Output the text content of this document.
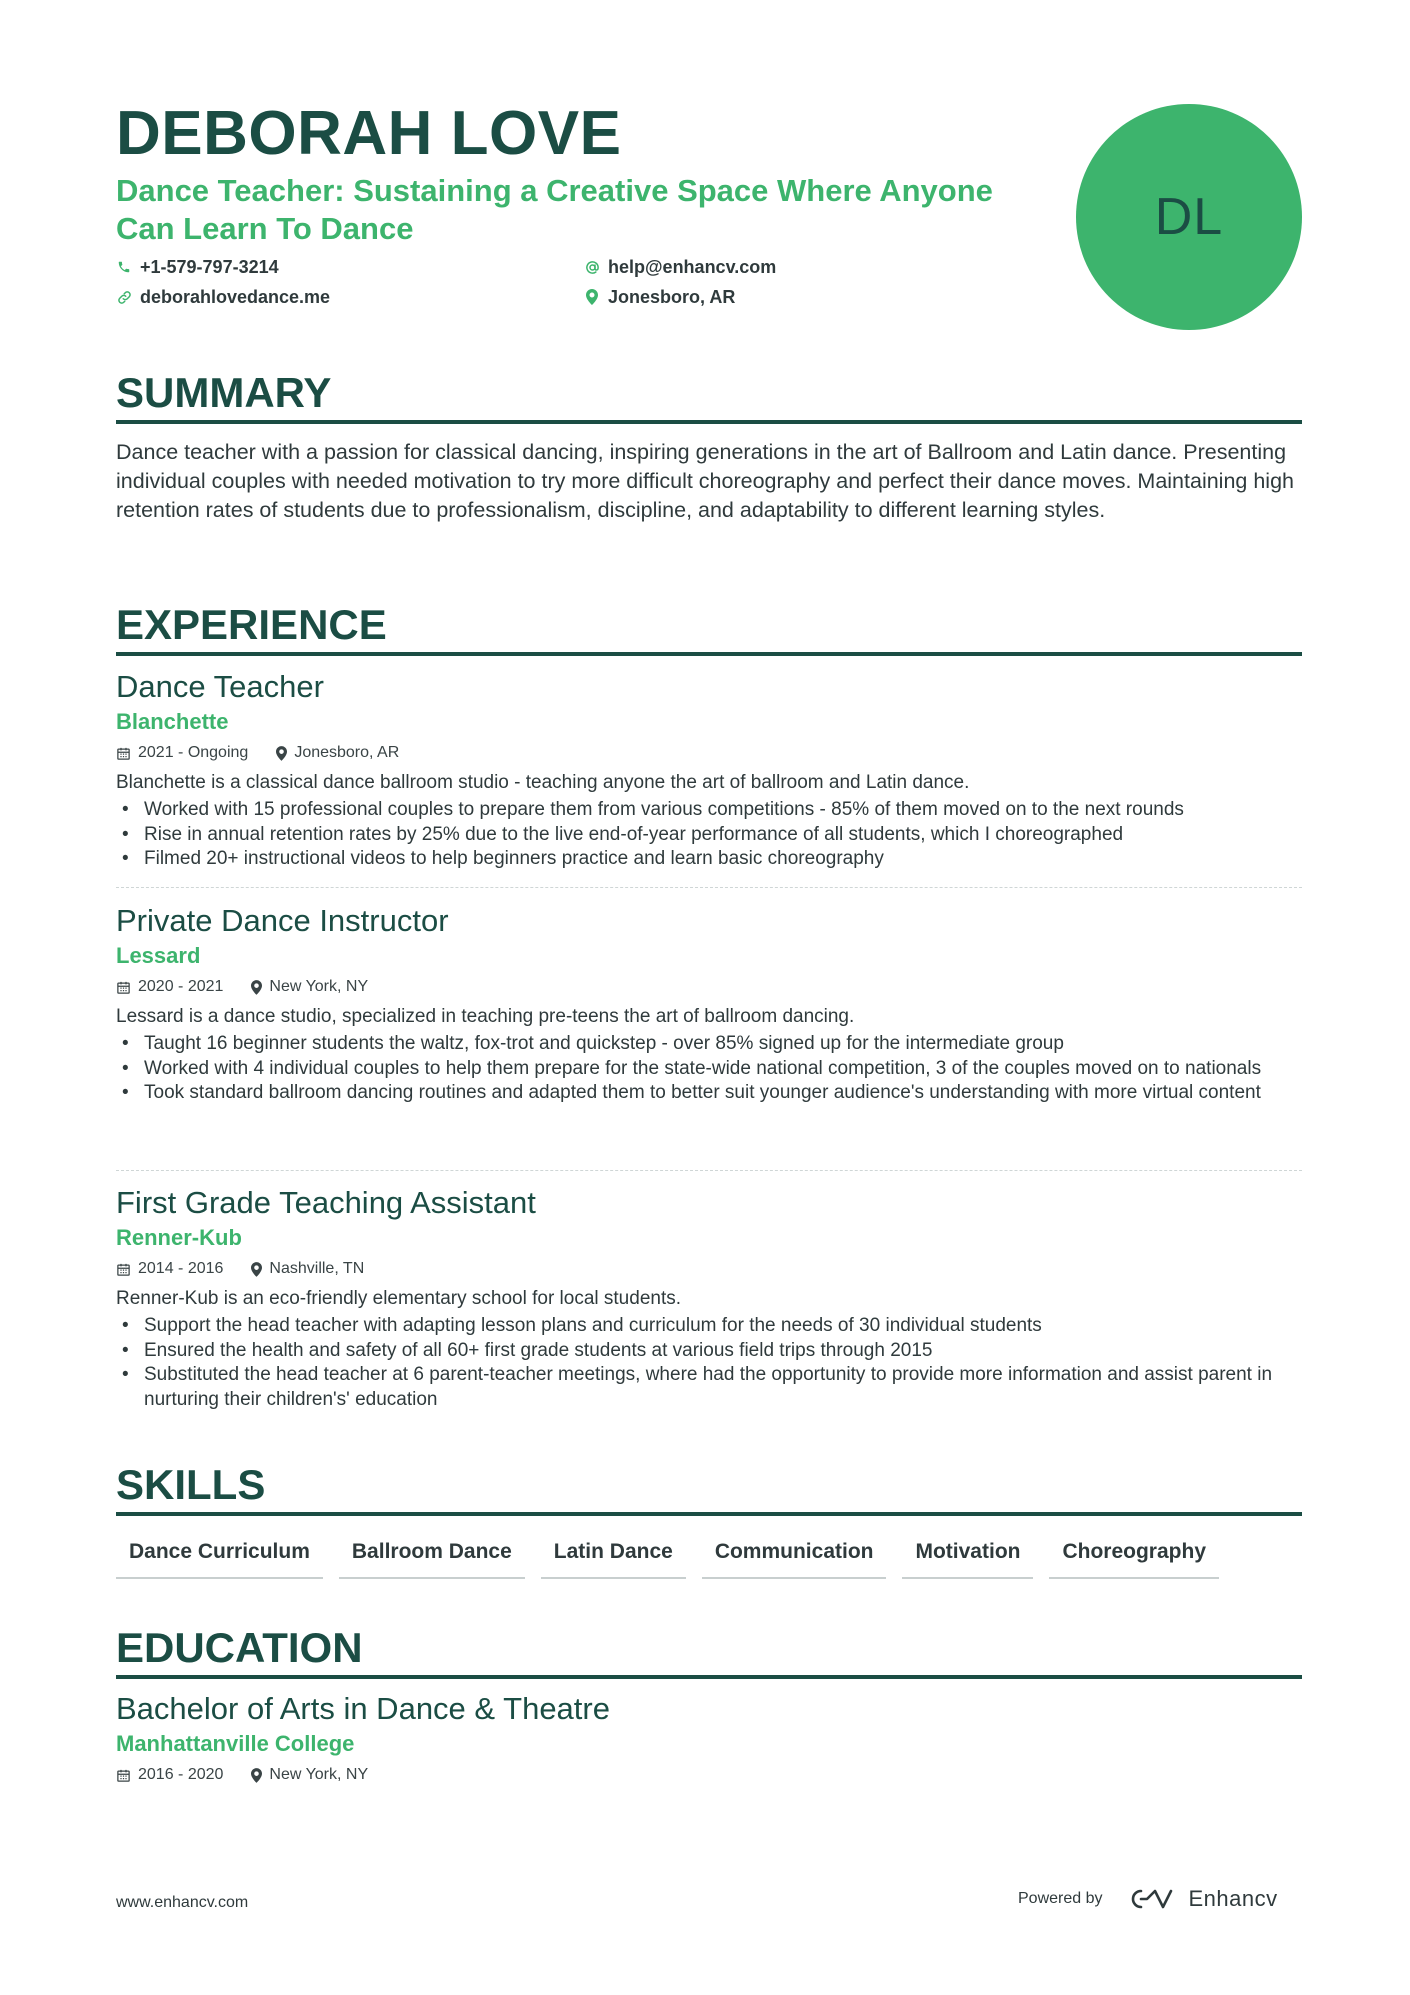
DEBORAH LOVE
Dance Teacher: Sustaining a Creative Space Where Anyone Can Learn To Dance
+1-579-797-3214	help@enhancv.com
deborahlovedance.me	Jonesboro, AR
DL
SUMMARY
Dance teacher with a passion for classical dancing, inspiring generations in the art of Ballroom and Latin dance. Presenting individual couples with needed motivation to try more difficult choreography and perfect their dance moves. Maintaining high retention rates of students due to professionalism, discipline, and adaptability to different learning styles.
EXPERIENCE
Dance Teacher
Blanchette
2021 - Ongoing	Jonesboro, AR
Blanchette is a classical dance ballroom studio - teaching anyone the art of ballroom and Latin dance.
• Worked with 15 professional couples to prepare them from various competitions - 85% of them moved on to the next rounds
• Rise in annual retention rates by 25% due to the live end-of-year performance of all students, which I choreographed
• Filmed 20+ instructional videos to help beginners practice and learn basic choreography
Private Dance Instructor
Lessard
2020 - 2021	New York, NY
Lessard is a dance studio, specialized in teaching pre-teens the art of ballroom dancing.
• Taught 16 beginner students the waltz, fox-trot and quickstep - over 85% signed up for the intermediate group
• Worked with 4 individual couples to help them prepare for the state-wide national competition, 3 of the couples moved on to nationals
• Took standard ballroom dancing routines and adapted them to better suit younger audience's understanding with more virtual content
First Grade Teaching Assistant
Renner-Kub
2014 - 2016	Nashville, TN
Renner-Kub is an eco-friendly elementary school for local students.
• Support the head teacher with adapting lesson plans and curriculum for the needs of 30 individual students
• Ensured the health and safety of all 60+ first grade students at various field trips through 2015
• Substituted the head teacher at 6 parent-teacher meetings, where had the opportunity to provide more information and assist parent in nurturing their children's' education
SKILLS
Dance Curriculum	Ballroom Dance	Latin Dance	Communication	Motivation	Choreography
EDUCATION
Bachelor of Arts in Dance & Theatre
Manhattanville College
2016 - 2020	New York, NY
www.enhancv.com	Powered by	Enhancv
